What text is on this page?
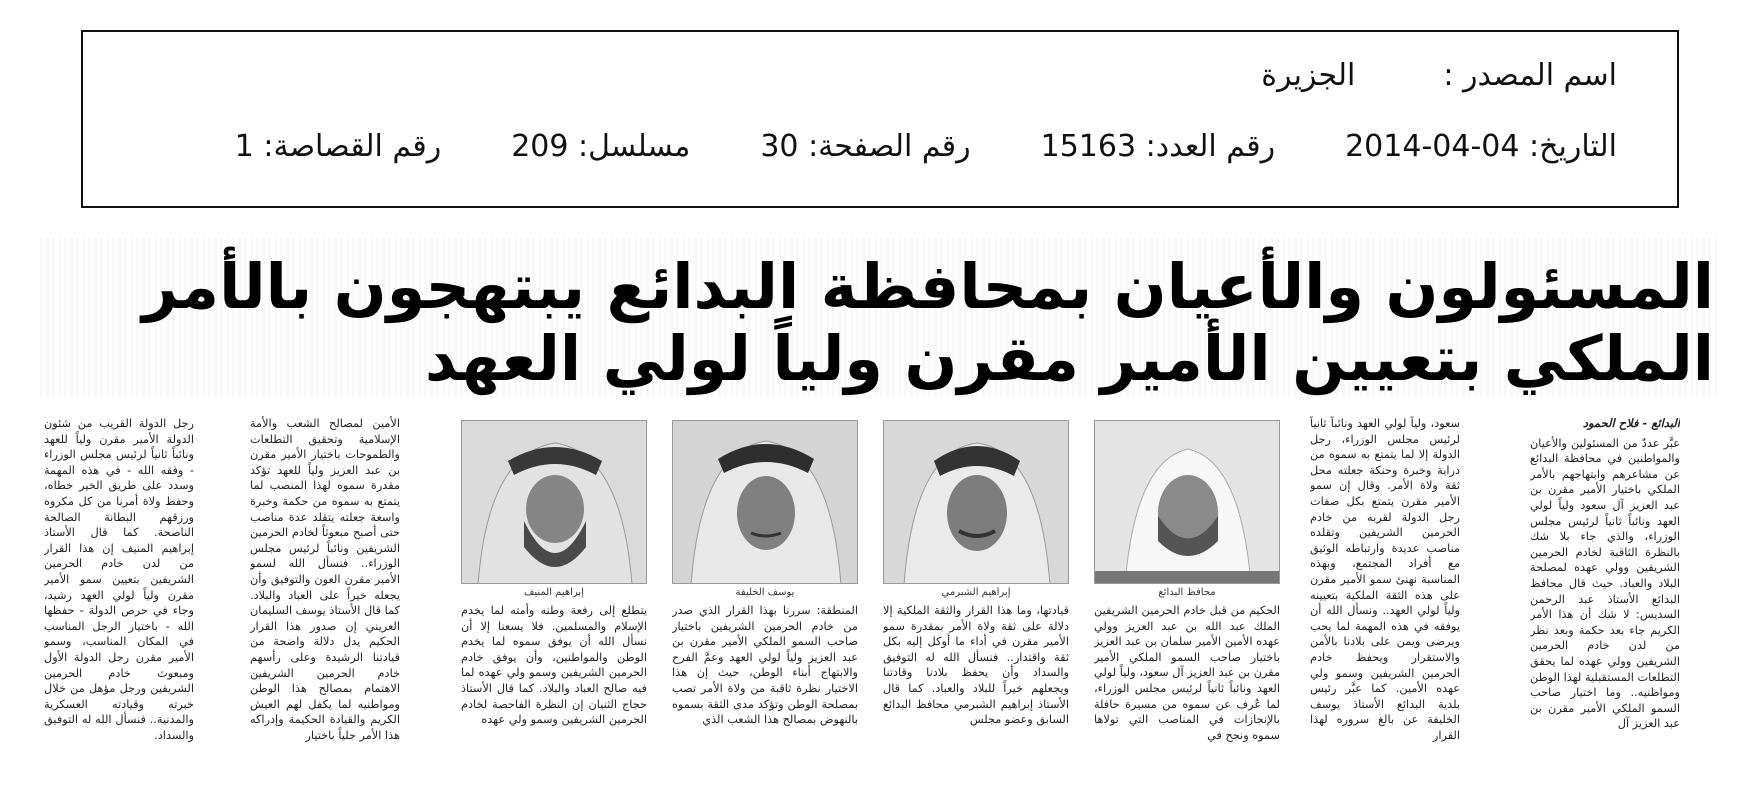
اسم المصدر :الجزيرة
التاريخ: 04-04-2014رقم العدد: 15163رقم الصفحة: 30مسلسل: 209رقم القصاصة: 1
المسئولون والأعيان بمحافظة البدائع يبتهجون بالأمر
الملكي بتعيين الأمير مقرن ولياً لولي العهد
البدائع - فلاح الحمود

عبَّر عددٌ من المسئولين والأعيان والمواطنين في محافظة البدائع عن مشاعرهم وابتهاجهم بالأمر الملكي باختيار الأمير مقرن بن عبد العزيز آل سعود ولياً لولي العهد ونائباً ثانياً لرئيس مجلس الوزراء، والذي جاء بلا شك بالنظرة الثاقبة لخادم الحرمين الشريفين وولي عهده لمصلحة البلاد والعباد. حيث قال محافظ البدائع الأستاذ عبد الرحمن السديس: لا شك أن هذا الأمر الكريم جاء بعد حكمة وبعد نظر من لدن خادم الحرمين الشريفين وولي عهده لما يحقق التطلعات المستقبلية لهذا الوطن ومواطنيه.. وما اختيار صاحب السمو الملكي الأمير مقرن بن عبد العزيز آل

سعود، ولياً لولي العهد ونائباً ثانياً لرئيس مجلس الوزراء، رجل الدولة إلا لما يتمتع به سموه من دراية وخبرة وحنكة جعلته محل ثقة ولاة الأمر. وقال إن سمو الأمير مقرن يتمتع بكل صفات رجل الدولة لقربه من خادم الحرمين الشريفين وتقلده مناصب عديدة وارتباطه الوثيق مع أفراد المجتمع، وبهذه المناسبة نهنئ سمو الأمير مقرن على هذه الثقة الملكية بتعيينه ولياً لولي العهد.. ونسأل الله أن يوفقه في هذه المهمة لما يحب ويرضى ويمن على بلادنا بالأمن والاستقرار ويحفظ خادم الحرمين الشريفين وسمو ولي عهده الأمين. كما عبَّر رئيس بلدية البدائع الأستاذ يوسف الخليفة عن بالغ سروره لهذا القرار

محافظ البدائع

الحكيم من قبل خادم الحرمين الشريفين الملك عبد الله بن عبد العزيز وولي عهده الأمين الأمير سلمان بن عبد العزيز باختيار صاحب السمو الملكي الأمير مقرن بن عبد العزيز آل سعود، ولياً لولي العهد ونائباً ثانياً لرئيس مجلس الوزراء، لما عُرف عن سموه من مسيرة حافلة بالإنجازات في المناصب التي تولاها سموه ونجح في

إبراهيم الشبرمي

قيادتها، وما هذا القرار والثقة الملكية إلا دلالة على ثقة ولاة الأمر بمقدرة سمو الأمير مقرن في أداء ما أوكل إليه بكل ثقة واقتدار.. فنسأل الله له التوفيق والسداد وأن يحفظ بلادنا وقادتنا ويجعلهم خيراً للبلاد والعباد. كما قال الأستاذ إبراهيم الشبرمي محافظ البدائع السابق وعضو مجلس

يوسف الخليفة

المنطقة: سررنا بهذا القرار الذي صدر من خادم الحرمين الشريفين باختيار صاحب السمو الملكي الأمير مقرن بن عبد العزيز ولياً لولي العهد وعمَّ الفرح والابتهاج أبناء الوطن، حيث إن هذا الاختيار نظرة ثاقبة من ولاة الأمر تصب بمصلحة الوطن وتؤكد مدى الثقة بسموه بالنهوض بمصالح هذا الشعب الذي

إبراهيم المنيف

يتطلع إلى رفعة وطنه وأمته لما يخدم الإسلام والمسلمين. فلا يسعنا إلا أن نسأل الله أن يوفق سموه لما يخدم الوطن والمواطنين، وأن يوفق خادم الحرمين الشريفين وسمو ولي عهده لما فيه صالح العباد والبلاد. كما قال الأستاذ حجاج الثنيان إن النظرة الفاحصة لخادم الحرمين الشريفين وسمو ولي عهده

الأمين لمصالح الشعب والأمة الإسلامية وتحقيق التطلعات والطموحات باختيار الأمير مقرن بن عبد العزيز ولياً للعهد تؤكد مقدرة سموه لهذا المنصب لما يتمتع به سموه من حكمة وخبرة واسعة جعلته يتقلد عدة مناصب حتى أصبح مبعوثاً لخادم الحرمين الشريفين ونائباً لرئيس مجلس الوزراء.. فنسأل الله لسمو الأمير مقرن العون والتوفيق وأن يجعله خيراً على العباد والبلاد. كما قال الأستاذ يوسف السليمان العريني إن صدور هذا القرار الحكيم يدل دلالة واضحة من قيادتنا الرشيدة وعلى رأسهم خادم الحرمين الشريفين الاهتمام بمصالح هذا الوطن ومواطنيه لما يكفل لهم العيش الكريم والقيادة الحكيمة وإدراكه هذا الأمر جلياً باختيار

رجل الدولة القريب من شئون الدولة الأمير مقرن ولياً للعهد ونائباً ثانياً لرئيس مجلس الوزراء - وفقه الله - في هذه المهمة وسدد على طريق الخير خطاه، وحفظ ولاة أمرنا من كل مكروه ورزقهم البطانة الصالحة الناصحة. كما قال الأستاذ إبراهيم المنيف إن هذا القرار من لدن خادم الحرمين الشريفين بتعيين سمو الأمير مقرن ولياً لولي العهد رشيد، وجاء في حرص الدولة - حفظها الله - باختيار الرجل المناسب في المكان المناسب، وسمو الأمير مقرن رجل الدولة الأول ومبعوث خادم الحرمين الشريفين ورجل مؤهل من خلال خبرته وقيادته العسكرية والمدنية.. فنسأل الله له التوفيق والسداد.
